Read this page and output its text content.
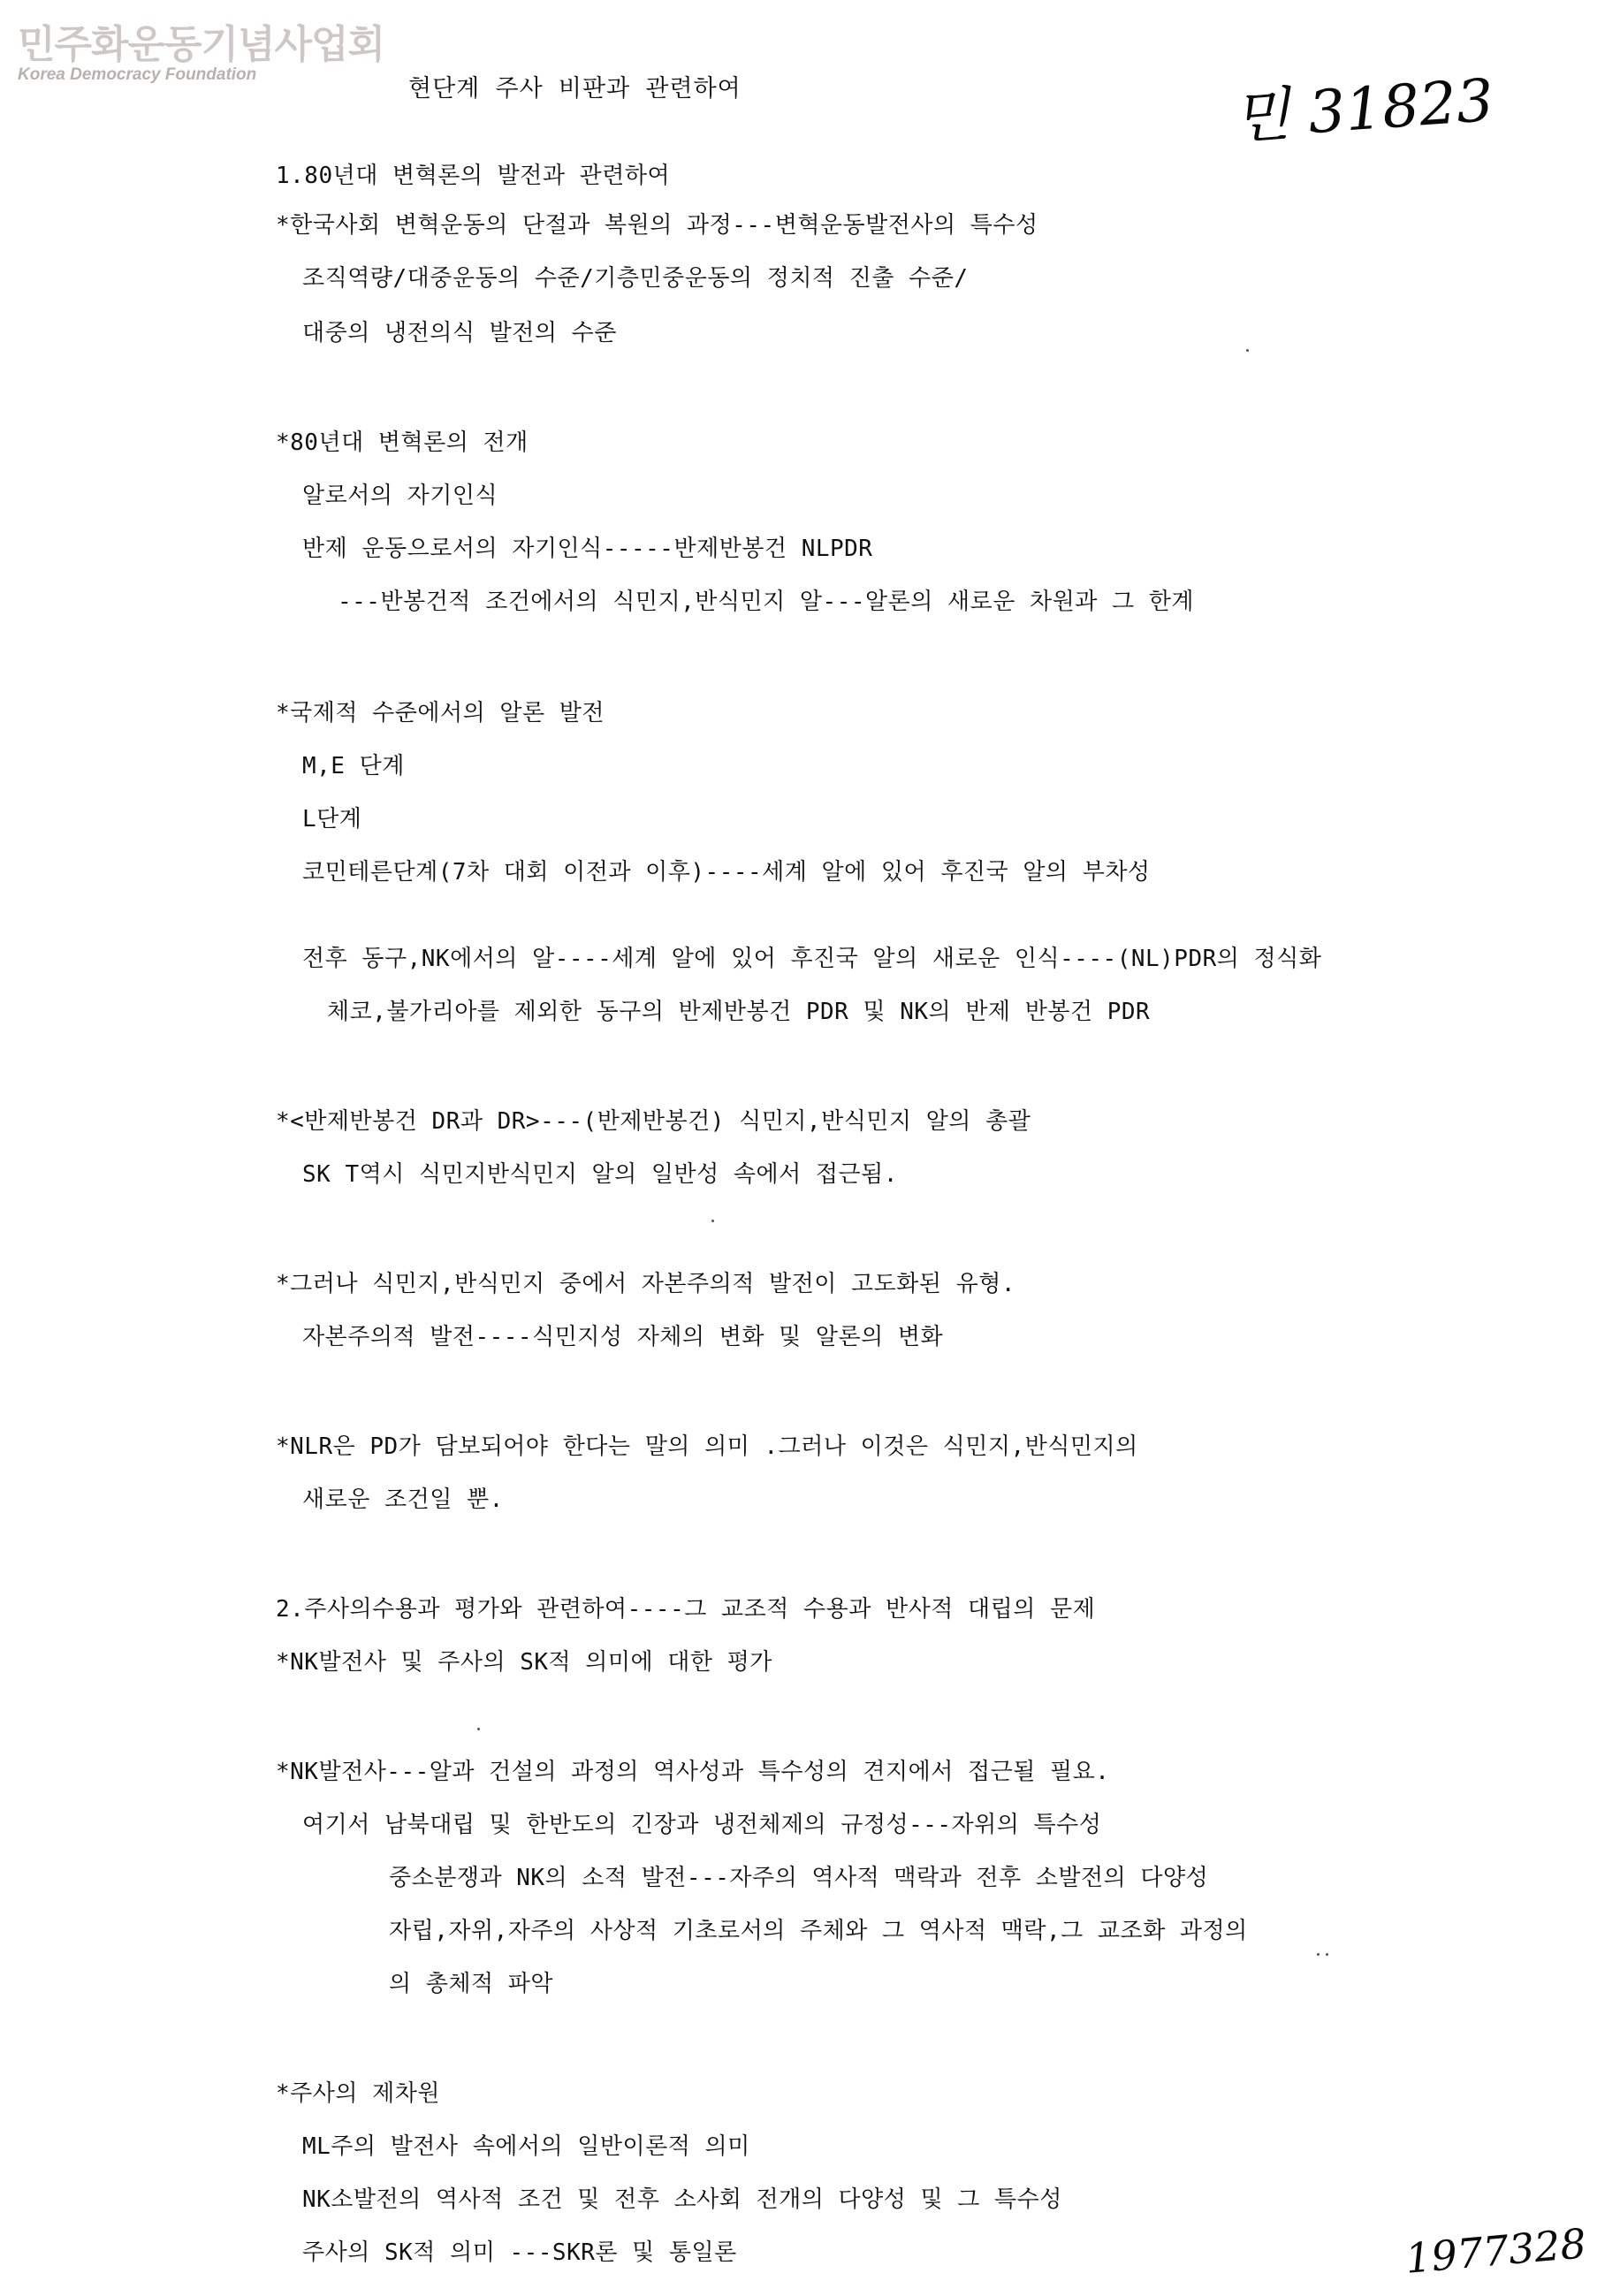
민주화운동기념사업회
Korea Democracy Foundation
현단계 주사 비판과 관련하여	민 31823
1977328
1.80년대 변혁론의 발전과 관련하여
*한국사회 변혁운동의 단절과 복원의 과정---변혁운동발전사의 특수성
조직역량/대중운동의 수준/기층민중운동의 정치적 진출 수준/
대중의 냉전의식 발전의 수준
*80년대 변혁론의 전개
알로서의 자기인식
반제 운동으로서의 자기인식-----반제반봉건 NLPDR
---반봉건적 조건에서의 식민지,반식민지 알---알론의 새로운 차원과 그 한계
*국제적 수준에서의 알론 발전
M,E 단계
L단계
코민테른단계(7차 대회 이전과 이후)----세계 알에 있어 후진국 알의 부차성
전후 동구,NK에서의 알----세계 알에 있어 후진국 알의 새로운 인식----(NL)PDR의 정식화
체코,불가리아를 제외한 동구의 반제반봉건 PDR 및 NK의 반제 반봉건 PDR
*<반제반봉건 DR과 DR>---(반제반봉건) 식민지,반식민지 알의 총괄
SK T역시 식민지반식민지 알의 일반성 속에서 접근됨.
*그러나 식민지,반식민지 중에서 자본주의적 발전이 고도화된 유형.
자본주의적 발전----식민지성 자체의 변화 및 알론의 변화
*NLR은 PD가 담보되어야 한다는 말의 의미 .그러나 이것은 식민지,반식민지의
새로운 조건일 뿐.
2.주사의수용과 평가와 관련하여----그 교조적 수용과 반사적 대립의 문제
*NK발전사 및 주사의 SK적 의미에 대한 평가
*NK발전사---알과 건설의 과정의 역사성과 특수성의 견지에서 접근될 필요.
여기서 남북대립 및 한반도의 긴장과 냉전체제의 규정성---자위의 특수성
중소분쟁과 NK의 소적 발전---자주의 역사적 맥락과 전후 소발전의 다양성
자립,자위,자주의 사상적 기초로서의 주체와 그 역사적 맥락,그 교조화 과정의
의 총체적 파악
*주사의 제차원
ML주의 발전사 속에서의 일반이론적 의미
NK소발전의 역사적 조건 및 전후 소사회 전개의 다양성 및 그 특수성
주사의 SK적 의미 ---SKR론 및 통일론
